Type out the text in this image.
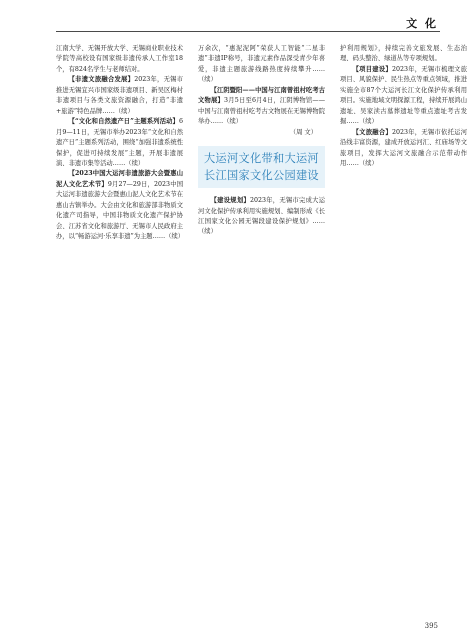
文 化

江南大学、无锡开放大学、无锡商业职业技术学院等高校设有国家级非遗传承人工作室18个，有824名学生与老师结对。

【非遗文旅融合发展】2023年，无锡市推进无锡宜兴市国家级非遗项目、新吴区梅村非遗项目与各类文旅资源融合，打造“非遗+旅游”特色品牌……（续）

【“文化和自然遗产日”主题系列活动】6月9—11日，无锡市举办2023年“文化和自然遗产日”主题系列活动，围绕“加强非遗系统性保护，促进可持续发展”主题，开展非遗展演、非遗市集等活动……（续）

【2023中国大运河非遗旅游大会暨惠山泥人文化艺术节】9月27—29日，2023中国大运河非遗旅游大会暨惠山泥人文化艺术节在惠山古镇举办。大会由文化和旅游部非物质文化遗产司指导，中国非物质文化遗产保护协会、江苏省文化和旅游厅、无锡市人民政府主办，以“畅游运河·乐享非遗”为主题……（续）

万余次，“惠泥泥阿”荣获人工智能“二星非遗”非遗IP称号，非遗元素作品深受青少年喜爱，非遗主题旅游线路热度持续攀升……（续）

【江阴暨阳——中国与江南曾祖村吃考古文物展】3月5日至6月4日，江阴博物馆——中国与江南曾祖村吃考古文物展在无锡博物院举办……（续）

（周 文）

大运河文化带和大运河
长江国家文化公园建设

【建设规划】2023年，无锡市完成大运河文化保护传承利用实施规划、编制形成《长江国家文化公园无锡段建设保护规划》……（续）

护利用规划》，持续完善文旅发展、生态治理、码头整治、绿道丛等专项规划。

【项目建设】2023年，无锡市梳理文旅项目、风貌保护、民生热点等重点领域，推进实施全市87个大运河长江文化保护传承利用项目。实施地域文明探源工程，持续开展鸿山遗址、吴家渎古墓葬遗址等重点遗址考古发掘……（续）

【文旅融合】2023年，无锡市依托运河沿线丰富资源，建成开放运河汇、红庙场等文旅项目，发挥大运河文旅融合示范带动作用……（续）

395
